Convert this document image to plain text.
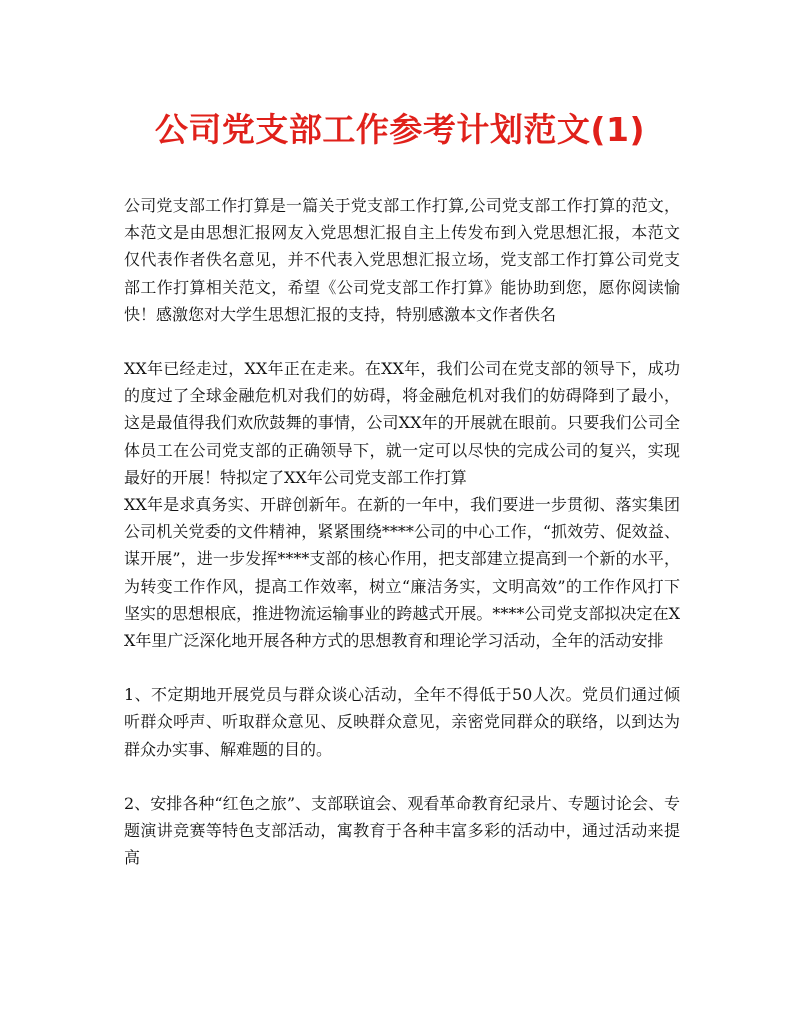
公司党支部工作参考计划范文(1)

公司党支部工作打算是一篇关于党支部工作打算,公司党支部工作打算的范文，本范文是由思想汇报网友入党思想汇报自主上传发布到入党思想汇报，本范文仅代表作者佚名意见，并不代表入党思想汇报立场，党支部工作打算公司党支部工作打算相关范文，希望《公司党支部工作打算》能协助到您，愿你阅读愉快！感激您对大学生思想汇报的支持，特别感激本文作者佚名

XX年已经走过，XX年正在走来。在XX年，我们公司在党支部的领导下，成功的度过了全球金融危机对我们的妨碍，将金融危机对我们的妨碍降到了最小，这是最值得我们欢欣鼓舞的事情，公司XX年的开展就在眼前。只要我们公司全体员工在公司党支部的正确领导下，就一定可以尽快的完成公司的复兴，实现最好的开展！特拟定了XX年公司党支部工作打算

XX年是求真务实、开辟创新年。在新的一年中，我们要进一步贯彻、落实集团公司机关党委的文件精神，紧紧围绕****公司的中心工作，“抓效劳、促效益、谋开展”，进一步发挥****支部的核心作用，把支部建立提高到一个新的水平，为转变工作作风，提高工作效率，树立“廉洁务实，文明高效”的工作作风打下坚实的思想根底，推进物流运输事业的跨越式开展。****公司党支部拟决定在XX年里广泛深化地开展各种方式的思想教育和理论学习活动，全年的活动安排

1、不定期地开展党员与群众谈心活动，全年不得低于50人次。党员们通过倾听群众呼声、听取群众意见、反映群众意见，亲密党同群众的联络，以到达为群众办实事、解难题的目的。

2、安排各种“红色之旅”、支部联谊会、观看革命教育纪录片、专题讨论会、专题演讲竞赛等特色支部活动，寓教育于各种丰富多彩的活动中，通过活动来提高
